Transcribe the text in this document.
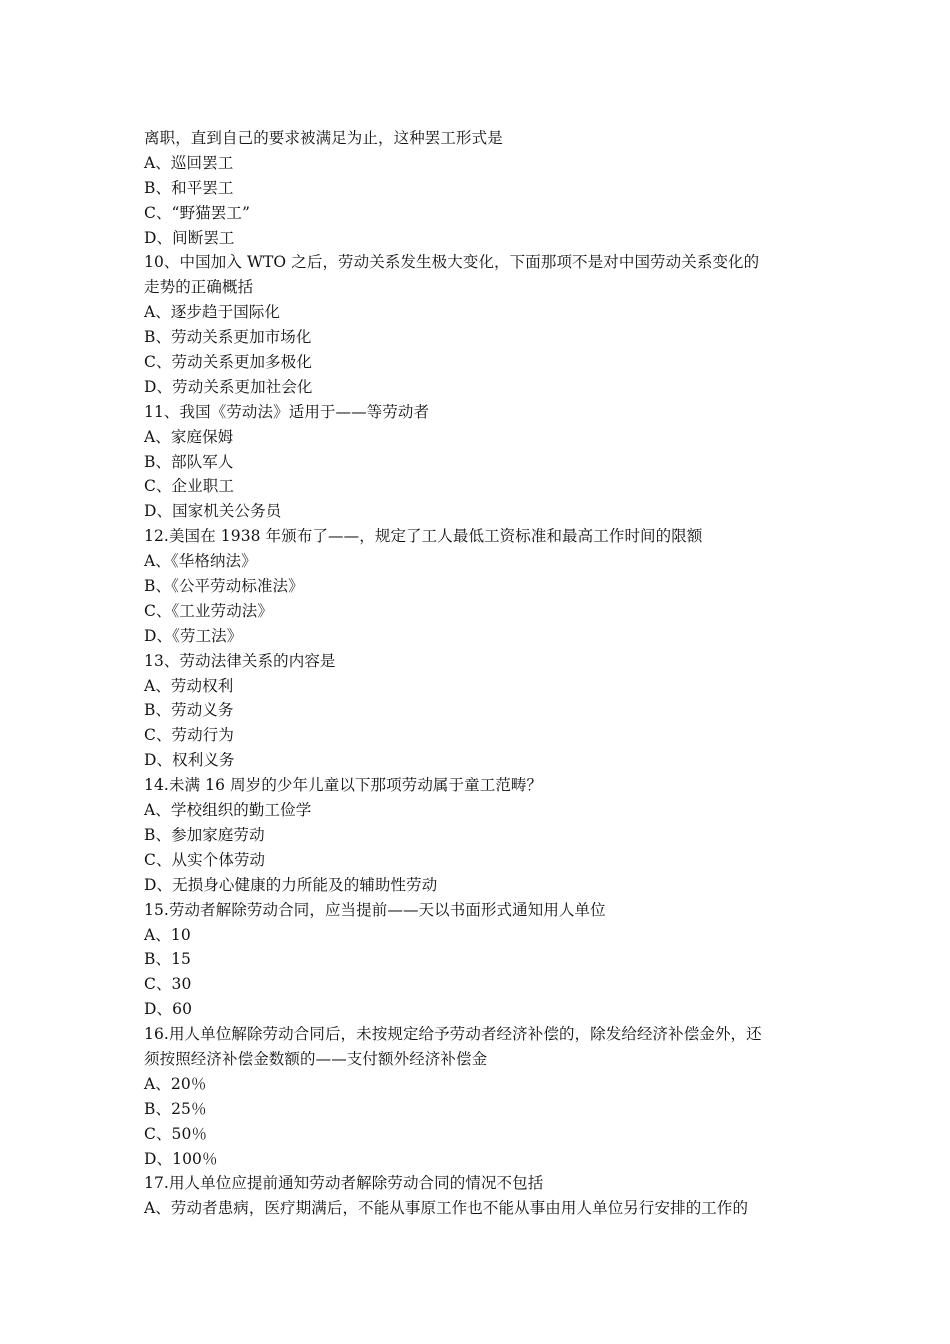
离职，直到自己的要求被满足为止，这种罢工形式是
A、巡回罢工
B、和平罢工
C、“野猫罢工”
D、间断罢工
10、中国加入 WTO 之后，劳动关系发生极大变化，下面那项不是对中国劳动关系变化的
走势的正确概括
A、逐步趋于国际化
B、劳动关系更加市场化
C、劳动关系更加多极化
D、劳动关系更加社会化
11、我国《劳动法》适用于——等劳动者
A、家庭保姆
B、部队军人
C、企业职工
D、国家机关公务员
12.美国在 1938 年颁布了——，规定了工人最低工资标准和最高工作时间的限额
A、《华格纳法》
B、《公平劳动标准法》
C、《工业劳动法》
D、《劳工法》
13、劳动法律关系的内容是
A、劳动权利
B、劳动义务
C、劳动行为
D、权利义务
14.未满 16 周岁的少年儿童以下那项劳动属于童工范畴？
A、学校组织的勤工俭学
B、参加家庭劳动
C、从实个体劳动
D、无损身心健康的力所能及的辅助性劳动
15.劳动者解除劳动合同，应当提前——天以书面形式通知用人单位
A、10
B、15
C、30
D、60
16.用人单位解除劳动合同后，未按规定给予劳动者经济补偿的，除发给经济补偿金外，还
须按照经济补偿金数额的——支付额外经济补偿金
A、20％
B、25％
C、50％
D、100％
17.用人单位应提前通知劳动者解除劳动合同的情况不包括
A、劳动者患病，医疗期满后，不能从事原工作也不能从事由用人单位另行安排的工作的
